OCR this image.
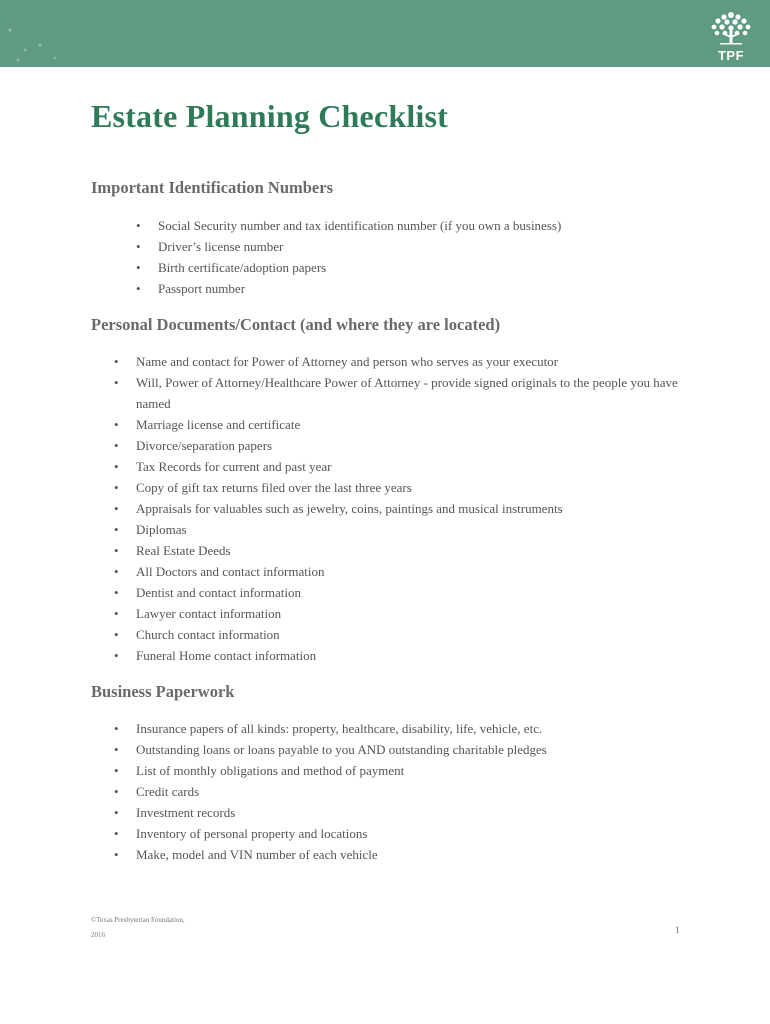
TPF
Estate Planning Checklist
Important Identification Numbers
• Social Security number and tax identification number (if you own a business)
• Driver’s license number
• Birth certificate/adoption papers
• Passport number
Personal Documents/Contact (and where they are located)
• Name and contact for Power of Attorney and person who serves as your executor
• Will, Power of Attorney/Healthcare Power of Attorney - provide signed originals to the people you have named
• Marriage license and certificate
• Divorce/separation papers
• Tax Records for current and past year
• Copy of gift tax returns filed over the last three years
• Appraisals for valuables such as jewelry, coins, paintings and musical instruments
• Diplomas
• Real Estate Deeds
• All Doctors and contact information
• Dentist and contact information
• Lawyer contact information
• Church contact information
• Funeral Home contact information
Business Paperwork
• Insurance papers of all kinds: property, healthcare, disability, life, vehicle, etc.
• Outstanding loans or loans payable to you AND outstanding charitable pledges
• List of monthly obligations and method of payment
• Credit cards
• Investment records
• Inventory of personal property and locations
• Make, model and VIN number of each vehicle
©Texas Presbyterian Foundation,
2016	1
